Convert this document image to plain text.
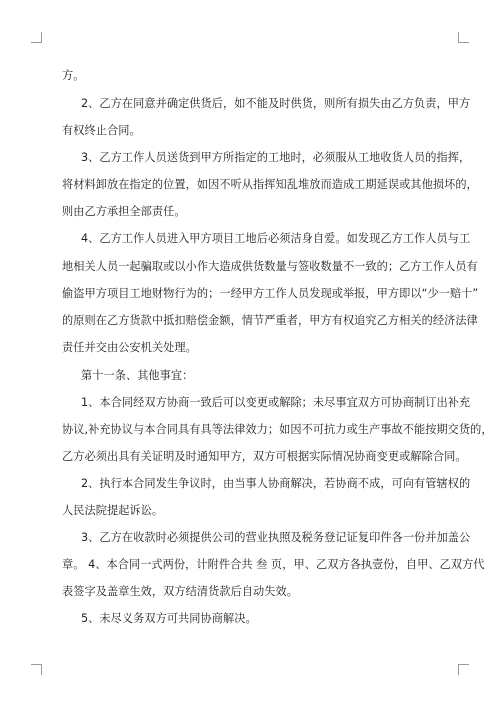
方。
2、乙方在同意并确定供货后，如不能及时供货，则所有损失由乙方负责，甲方
有权终止合同。
3、乙方工作人员送货到甲方所指定的工地时，必须服从工地收货人员的指挥，
将材料卸放在指定的位置，如因不听从指挥知乱堆放而造成工期延误或其他损坏的，
则由乙方承担全部责任。
4、乙方工作人员进入甲方项目工地后必须洁身自爱。如发现乙方工作人员与工
地相关人员一起骗取或以小作大造成供货数量与签收数量不一致的；乙方工作人员有
偷盗甲方项目工地财物行为的；一经甲方工作人员发现或举报，甲方即以“少一赔十”
的原则在乙方货款中抵扣赔偿金额，情节严重者，甲方有权追究乙方相关的经济法律
责任并交由公安机关处理。
第十一条、其他事宜：
1、本合同经双方协商一致后可以变更或解除；未尽事宜双方可协商制订出补充
协议,补充协议与本合同具有具等法律效力；如因不可抗力或生产事故不能按期交货的，
乙方必须出具有关证明及时通知甲方，双方可根据实际情况协商变更或解除合同。
2、执行本合同发生争议时，由当事人协商解决，若协商不成，可向有管辖权的
人民法院提起诉讼。
3、乙方在收款时必须提供公司的营业执照及税务登记证复印件各一份并加盖公
章。 4、本合同一式两份，计附件合共 叁 页，甲、乙双方各执壹份，自甲、乙双方代
表签字及盖章生效，双方结清货款后自动失效。
5、未尽义务双方可共同协商解决。
